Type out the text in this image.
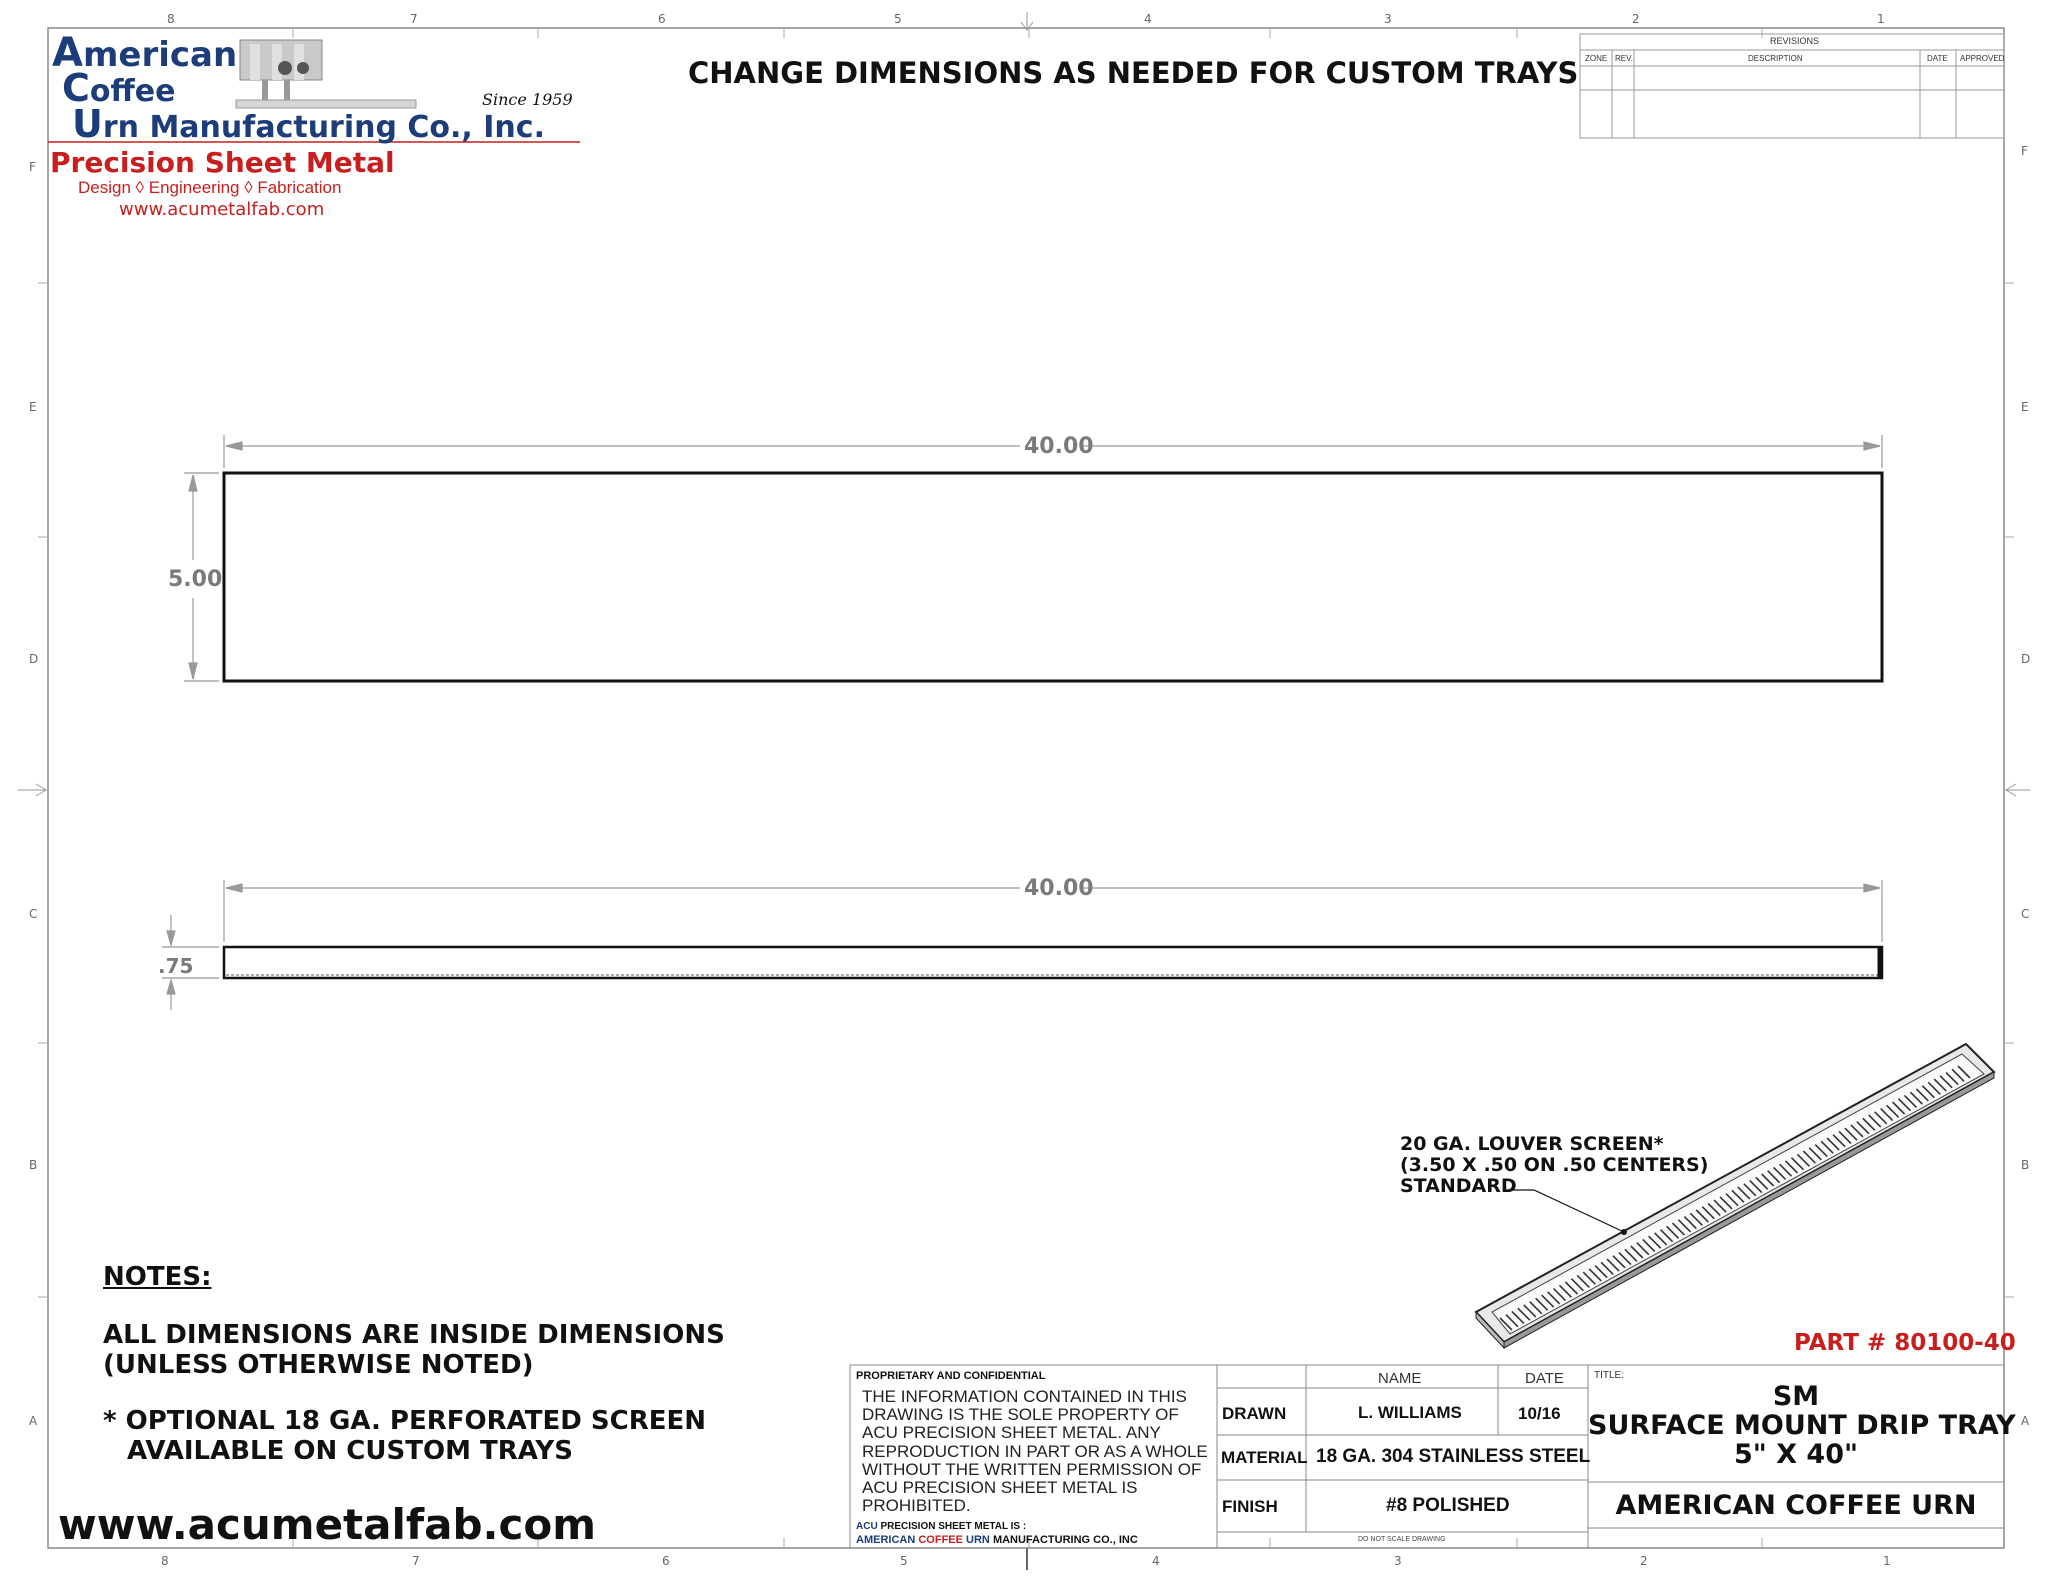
8	7	6	5	4	3	2	1
8	7	6	5	4	3	2	1
F
E
D
C
B
A
F
E
D
C
B
A
American
Coffee
Urn Manufacturing Co., Inc.
Since 1959
Precision Sheet Metal
Design ◊ Engineering ◊ Fabrication
www.acumetalfab.com
CHANGE DIMENSIONS AS NEEDED FOR CUSTOM TRAYS
REVISIONS
ZONE REV.	DESCRIPTION	DATE APPROVED
40.00
5.00
40.00
.75
20 GA. LOUVER SCREEN*
(3.50 X .50 ON .50 CENTERS)
STANDARD
PART # 80100-40
NOTES:
ALL DIMENSIONS ARE INSIDE DIMENSIONS
(UNLESS OTHERWISE NOTED)
* OPTIONAL 18 GA. PERFORATED SCREEN
AVAILABLE ON CUSTOM TRAYS
www.acumetalfab.com
PROPRIETARY AND CONFIDENTIAL
THE INFORMATION CONTAINED IN THIS
DRAWING IS THE SOLE PROPERTY OF
ACU PRECISION SHEET METAL. ANY
REPRODUCTION IN PART OR AS A WHOLE
WITHOUT THE WRITTEN PERMISSION OF
ACU PRECISION SHEET METAL IS
PROHIBITED.
ACU PRECISION SHEET METAL IS :
AMERICAN COFFEE URN MANUFACTURING CO., INC
NAME	DATE
DRAWN	L. WILLIAMS	10/16
MATERIAL 18 GA. 304 STAINLESS STEEL
FINISH	#8 POLISHED
DO NOT SCALE DRAWING
TITLE:
SM
SURFACE MOUNT DRIP TRAY
5" X 40"
AMERICAN COFFEE URN
